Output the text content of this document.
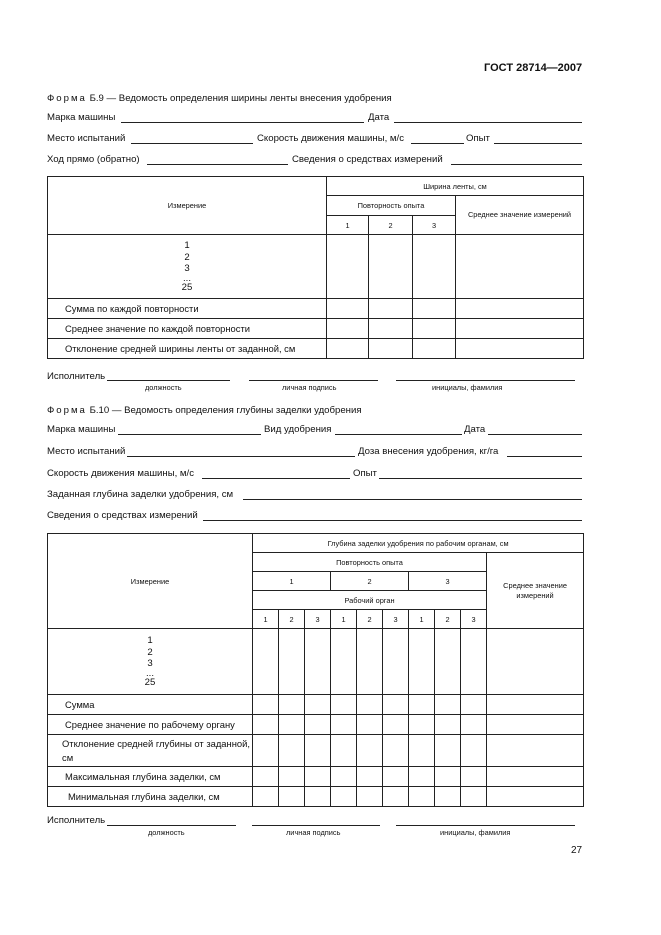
ГОСТ 28714—2007
Форма Б.9 — Ведомость определения ширины ленты внесения удобрения
Марка машины	Дата
Место испытаний	Скорость движения машины, м/с	Опыт
Ход прямо (обратно)	Сведения о средствах измерений
Измерение	Ширина ленты, см			
	Повторность опыта			Среднее значение измерений
	1	2	3	

1
2
3
...
25				

Сумма по каждой повторности				
Среднее значение по каждой повторности				
Отклонение средней ширины ленты от заданной, см				
Исполнитель
должность	личная подпись	инициалы, фамилия
Форма Б.10 — Ведомость определения глубины заделки удобрения
Марка машины	Вид удобрения	Дата
Место испытаний	Доза внесения удобрения, кг/га
Скорость движения машины, м/с	Опыт
Заданная глубина заделки удобрения, см
Сведения о средствах измерений
Измерение	Глубина заделки удобрения по рабочим органам, см									
	Повторность опыта									Среднее значение измерений
	1			2			3			
	Рабочий орган									
	1	2	3	1	2	3	1	2	3	

1
2
3
...
25										

Сумма										
Среднее значение по рабочему органу										
Отклонение средней глубины от заданной, см										
Максимальная глубина заделки, см										
Минимальная глубина заделки, см										
Исполнитель
должность	личная подпись	инициалы, фамилия
27
